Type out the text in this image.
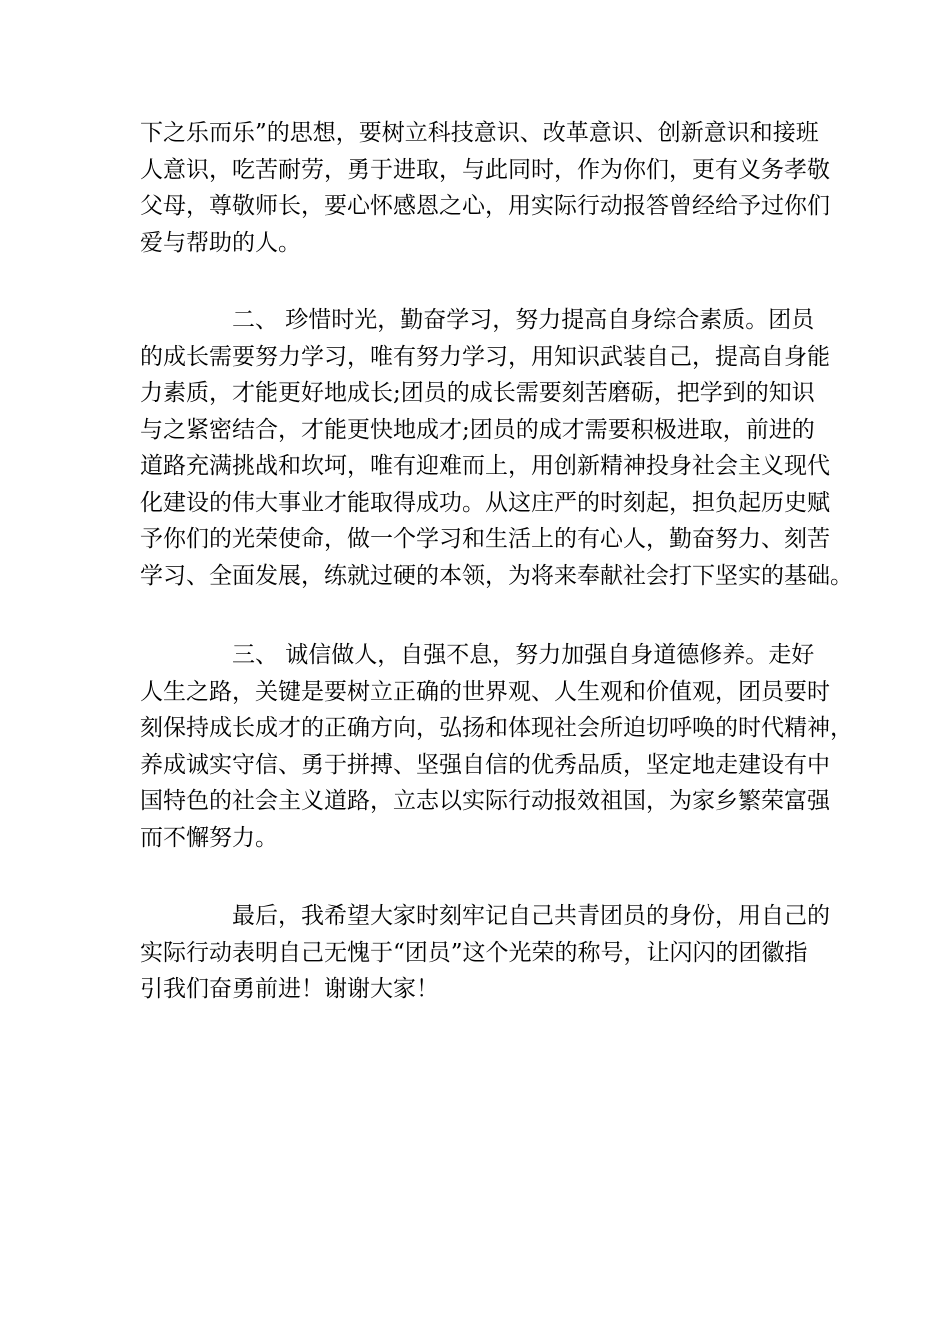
下之乐而乐”的思想，要树立科技意识、改革意识、创新意识和接班
人意识，吃苦耐劳，勇于进取，与此同时，作为你们，更有义务孝敬
父母，尊敬师长，要心怀感恩之心，用实际行动报答曾经给予过你们
爱与帮助的人。

二、 珍惜时光，勤奋学习，努力提高自身综合素质。团员
的成长需要努力学习，唯有努力学习，用知识武装自己，提高自身能
力素质，才能更好地成长;团员的成长需要刻苦磨砺，把学到的知识
与之紧密结合，才能更快地成才;团员的成才需要积极进取，前进的
道路充满挑战和坎坷，唯有迎难而上，用创新精神投身社会主义现代
化建设的伟大事业才能取得成功。从这庄严的时刻起，担负起历史赋
予你们的光荣使命，做一个学习和生活上的有心人，勤奋努力、刻苦
学习、全面发展，练就过硬的本领，为将来奉献社会打下坚实的基础。

三、 诚信做人，自强不息，努力加强自身道德修养。走好
人生之路，关键是要树立正确的世界观、人生观和价值观，团员要时
刻保持成长成才的正确方向，弘扬和体现社会所迫切呼唤的时代精神，
养成诚实守信、勇于拼搏、坚强自信的优秀品质，坚定地走建设有中
国特色的社会主义道路，立志以实际行动报效祖国，为家乡繁荣富强
而不懈努力。

最后，我希望大家时刻牢记自己共青团员的身份，用自己的
实际行动表明自己无愧于“团员”这个光荣的称号，让闪闪的团徽指
引我们奋勇前进！谢谢大家！
